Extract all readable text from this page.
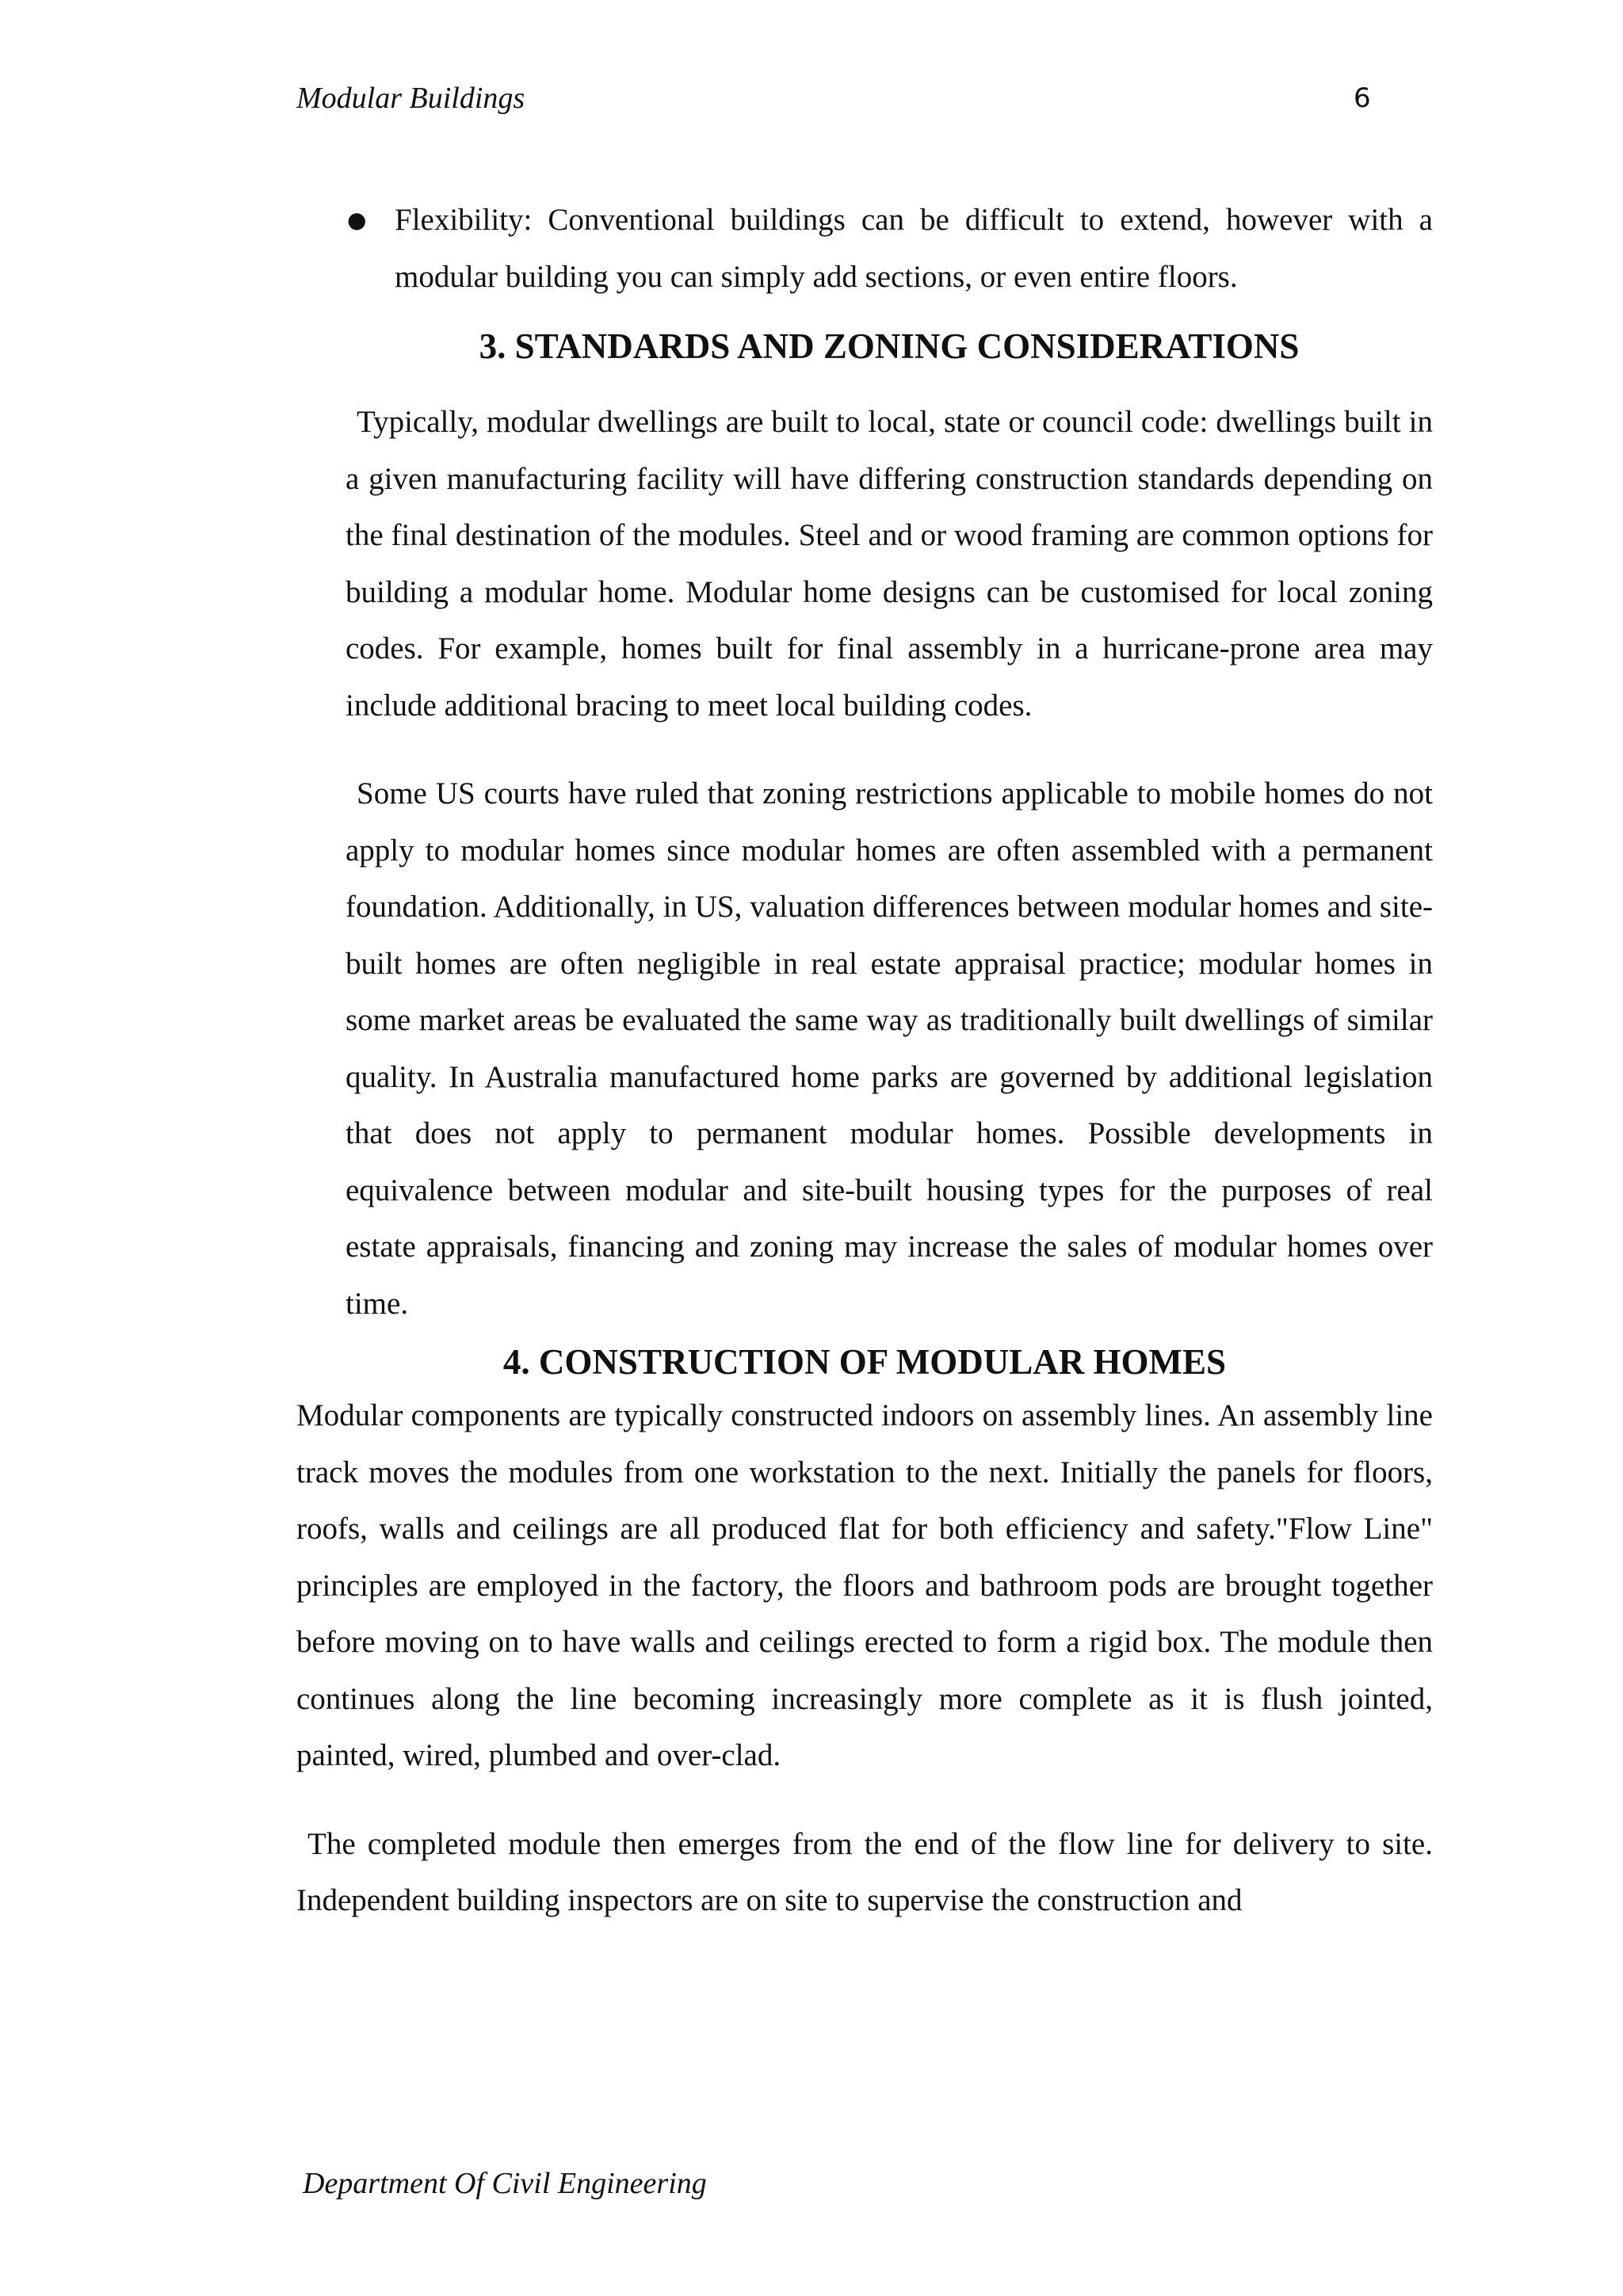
Modular Buildings	6
● Flexibility: Conventional buildings can be difficult to extend, however with a modular building you can simply add sections, or even entire floors.
3. STANDARDS AND ZONING CONSIDERATIONS

Typically, modular dwellings are built to local, state or council code: dwellings built in a given manufacturing facility will have differing construction standards depending on the final destination of the modules. Steel and or wood framing are common options for building a modular home. Modular home designs can be customised for local zoning codes. For example, homes built for final assembly in a hurricane-prone area may include additional bracing to meet local building codes.

Some US courts have ruled that zoning restrictions applicable to mobile homes do not apply to modular homes since modular homes are often assembled with a permanent foundation. Additionally, in US, valuation differences between modular homes and site-built homes are often negligible in real estate appraisal practice; modular homes in some market areas be evaluated the same way as traditionally built dwellings of similar quality. In Australia manufactured home parks are governed by additional legislation that does not apply to permanent modular homes. Possible developments in equivalence between modular and site-built housing types for the purposes of real estate appraisals, financing and zoning may increase the sales of modular homes over time.

4. CONSTRUCTION OF MODULAR HOMES

Modular components are typically constructed indoors on assembly lines. An assembly line track moves the modules from one workstation to the next. Initially the panels for floors, roofs, walls and ceilings are all produced flat for both efficiency and safety."Flow Line" principles are employed in the factory, the floors and bathroom pods are brought together before moving on to have walls and ceilings erected to form a rigid box. The module then continues along the line becoming increasingly more complete as it is flush jointed, painted, wired, plumbed and over-clad.

The completed module then emerges from the end of the flow line for delivery to site. Independent building inspectors are on site to supervise the construction and

Department Of Civil Engineering
